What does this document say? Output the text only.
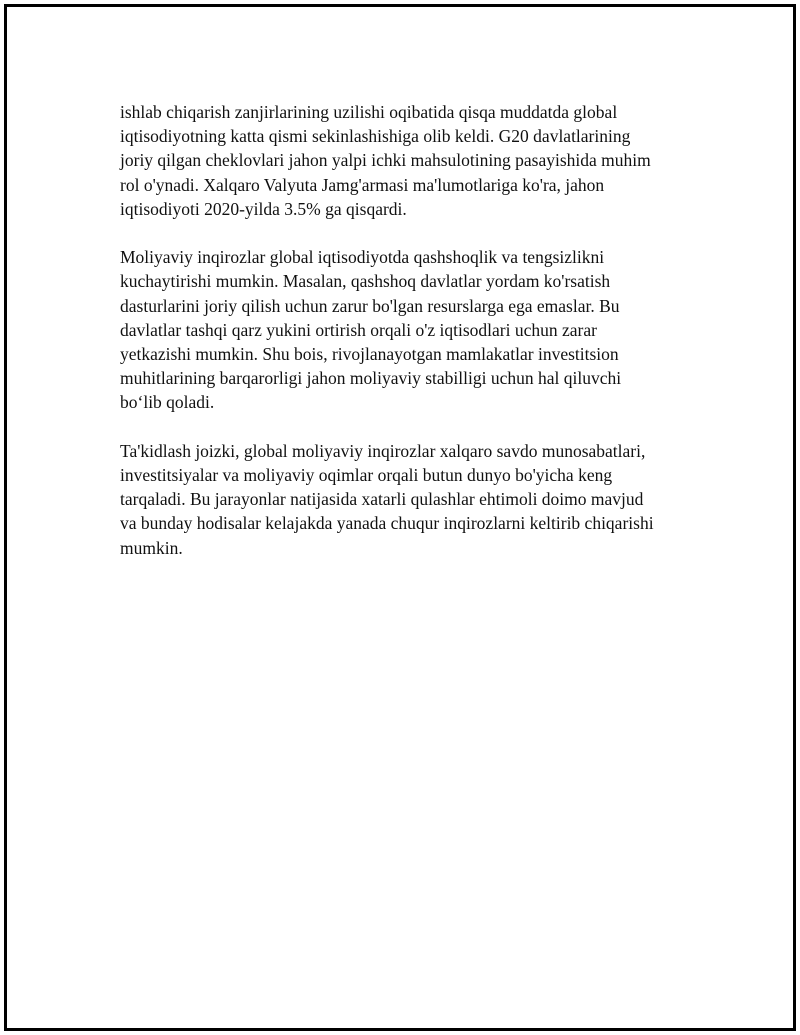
ishlab chiqarish zanjirlarining uzilishi oqibatida qisqa muddatda global
iqtisodiyotning katta qismi sekinlashishiga olib keldi. G20 davlatlarining
joriy qilgan cheklovlari jahon yalpi ichki mahsulotining pasayishida muhim
rol o'ynadi. Xalqaro Valyuta Jamg'armasi ma'lumotlariga ko'ra, jahon
iqtisodiyoti 2020-yilda 3.5% ga qisqardi.

Moliyaviy inqirozlar global iqtisodiyotda qashshoqlik va tengsizlikni
kuchaytirishi mumkin. Masalan, qashshoq davlatlar yordam ko'rsatish
dasturlarini joriy qilish uchun zarur bo'lgan resurslarga ega emaslar. Bu
davlatlar tashqi qarz yukini ortirish orqali o'z iqtisodlari uchun zarar
yetkazishi mumkin. Shu bois, rivojlanayotgan mamlakatlar investitsion
muhitlarining barqarorligi jahon moliyaviy stabilligi uchun hal qiluvchi
bo‘lib qoladi.

Ta'kidlash joizki, global moliyaviy inqirozlar xalqaro savdo munosabatlari,
investitsiyalar va moliyaviy oqimlar orqali butun dunyo bo'yicha keng
tarqaladi. Bu jarayonlar natijasida xatarli qulashlar ehtimoli doimo mavjud
va bunday hodisalar kelajakda yanada chuqur inqirozlarni keltirib chiqarishi
mumkin.
